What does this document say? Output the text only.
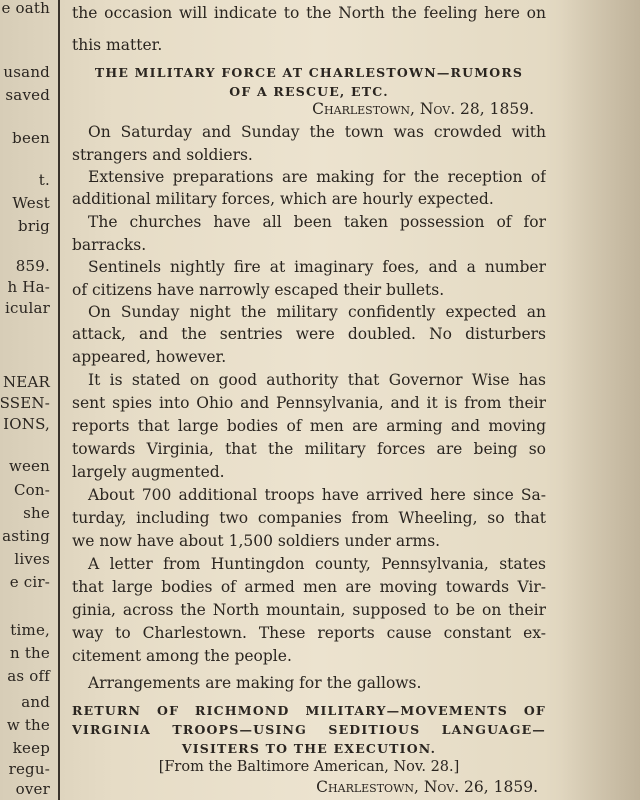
e oath
usand
saved
been
t.
West
brig
859.
h Ha-
icular
NEAR
SSEN-
IONS,
ween
Con-
she
asting
lives
e cir-
time,
n the
as off
and
w the
keep
regu-
over
the occasion will indicate to the North the feeling here on
this matter.
THE MILITARY FORCE AT CHARLESTOWN—RUMORS
OF A RESCUE, ETC.
Charlestown, Nov. 28, 1859.
On Saturday and Sunday the town was crowded with
strangers and soldiers.
Extensive preparations are making for the reception of
additional military forces, which are hourly expected.
The churches have all been taken possession of for
barracks.
Sentinels nightly fire at imaginary foes, and a number
of citizens have narrowly escaped their bullets.
On Sunday night the military confidently expected an
attack, and the sentries were doubled. No disturbers
appeared, however.
It is stated on good authority that Governor Wise has
sent spies into Ohio and Pennsylvania, and it is from their
reports that large bodies of men are arming and moving
towards Virginia, that the military forces are being so
largely augmented.
About 700 additional troops have arrived here since Sa-
turday, including two companies from Wheeling, so that
we now have about 1,500 soldiers under arms.
A letter from Huntingdon county, Pennsylvania, states
that large bodies of armed men are moving towards Vir-
ginia, across the North mountain, supposed to be on their
way to Charlestown. These reports cause constant ex-
citement among the people.
Arrangements are making for the gallows.
RETURN OF RICHMOND MILITARY—MOVEMENTS OF
VIRGINIA TROOPS—USING SEDITIOUS LANGUAGE—
VISITERS TO THE EXECUTION.
[From the Baltimore American, Nov. 28.]
Charlestown, Nov. 26, 1859.
